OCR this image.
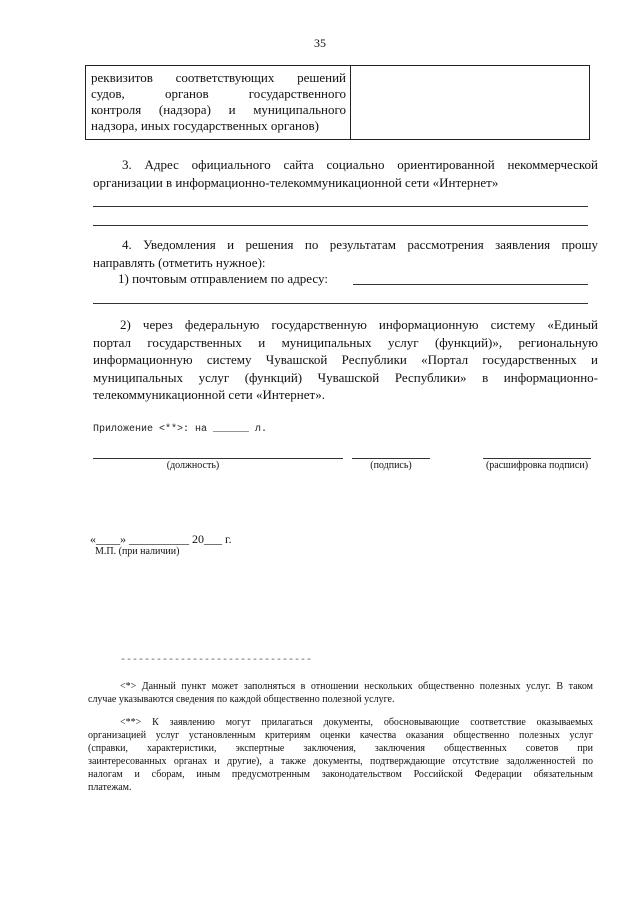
35
реквизитов соответствующих решений
судов, органов государственного
контроля (надзора) и муниципального
надзора, иных государственных органов)
3. Адрес официального сайта социально ориентированной некоммерческой
организации в информационно-телекоммуникационной сети «Интернет»
4. Уведомления и решения по результатам рассмотрения заявления прошу
направлять (отметить нужное):
1) почтовым отправлением по адресу:
2) через федеральную государственную информационную систему «Единый
портал государственных и муниципальных услуг (функций)», региональную
информационную систему Чувашской Республики «Портал государственных и
муниципальных услуг (функций) Чувашской Республики» в информационно-
телекоммуникационной сети «Интернет».
Приложение <**>: на ______ л.
(должность)	(подпись)	(расшифровка подписи)
«____» __________ 20___ г.
М.П. (при наличии)
--------------------------------
<*> Данный пункт может заполняться в отношении нескольких общественно полезных услуг. В таком
случае указываются сведения по каждой общественно полезной услуге.
<**> К заявлению могут прилагаться документы, обосновывающие соответствие оказываемых
организацией услуг установленным критериям оценки качества оказания общественно полезных услуг
(справки, характеристики, экспертные заключения, заключения общественных советов при
заинтересованных органах и другие), а также документы, подтверждающие отсутствие задолженностей по
налогам и сборам, иным предусмотренным законодательством Российской Федерации обязательным
платежам.
